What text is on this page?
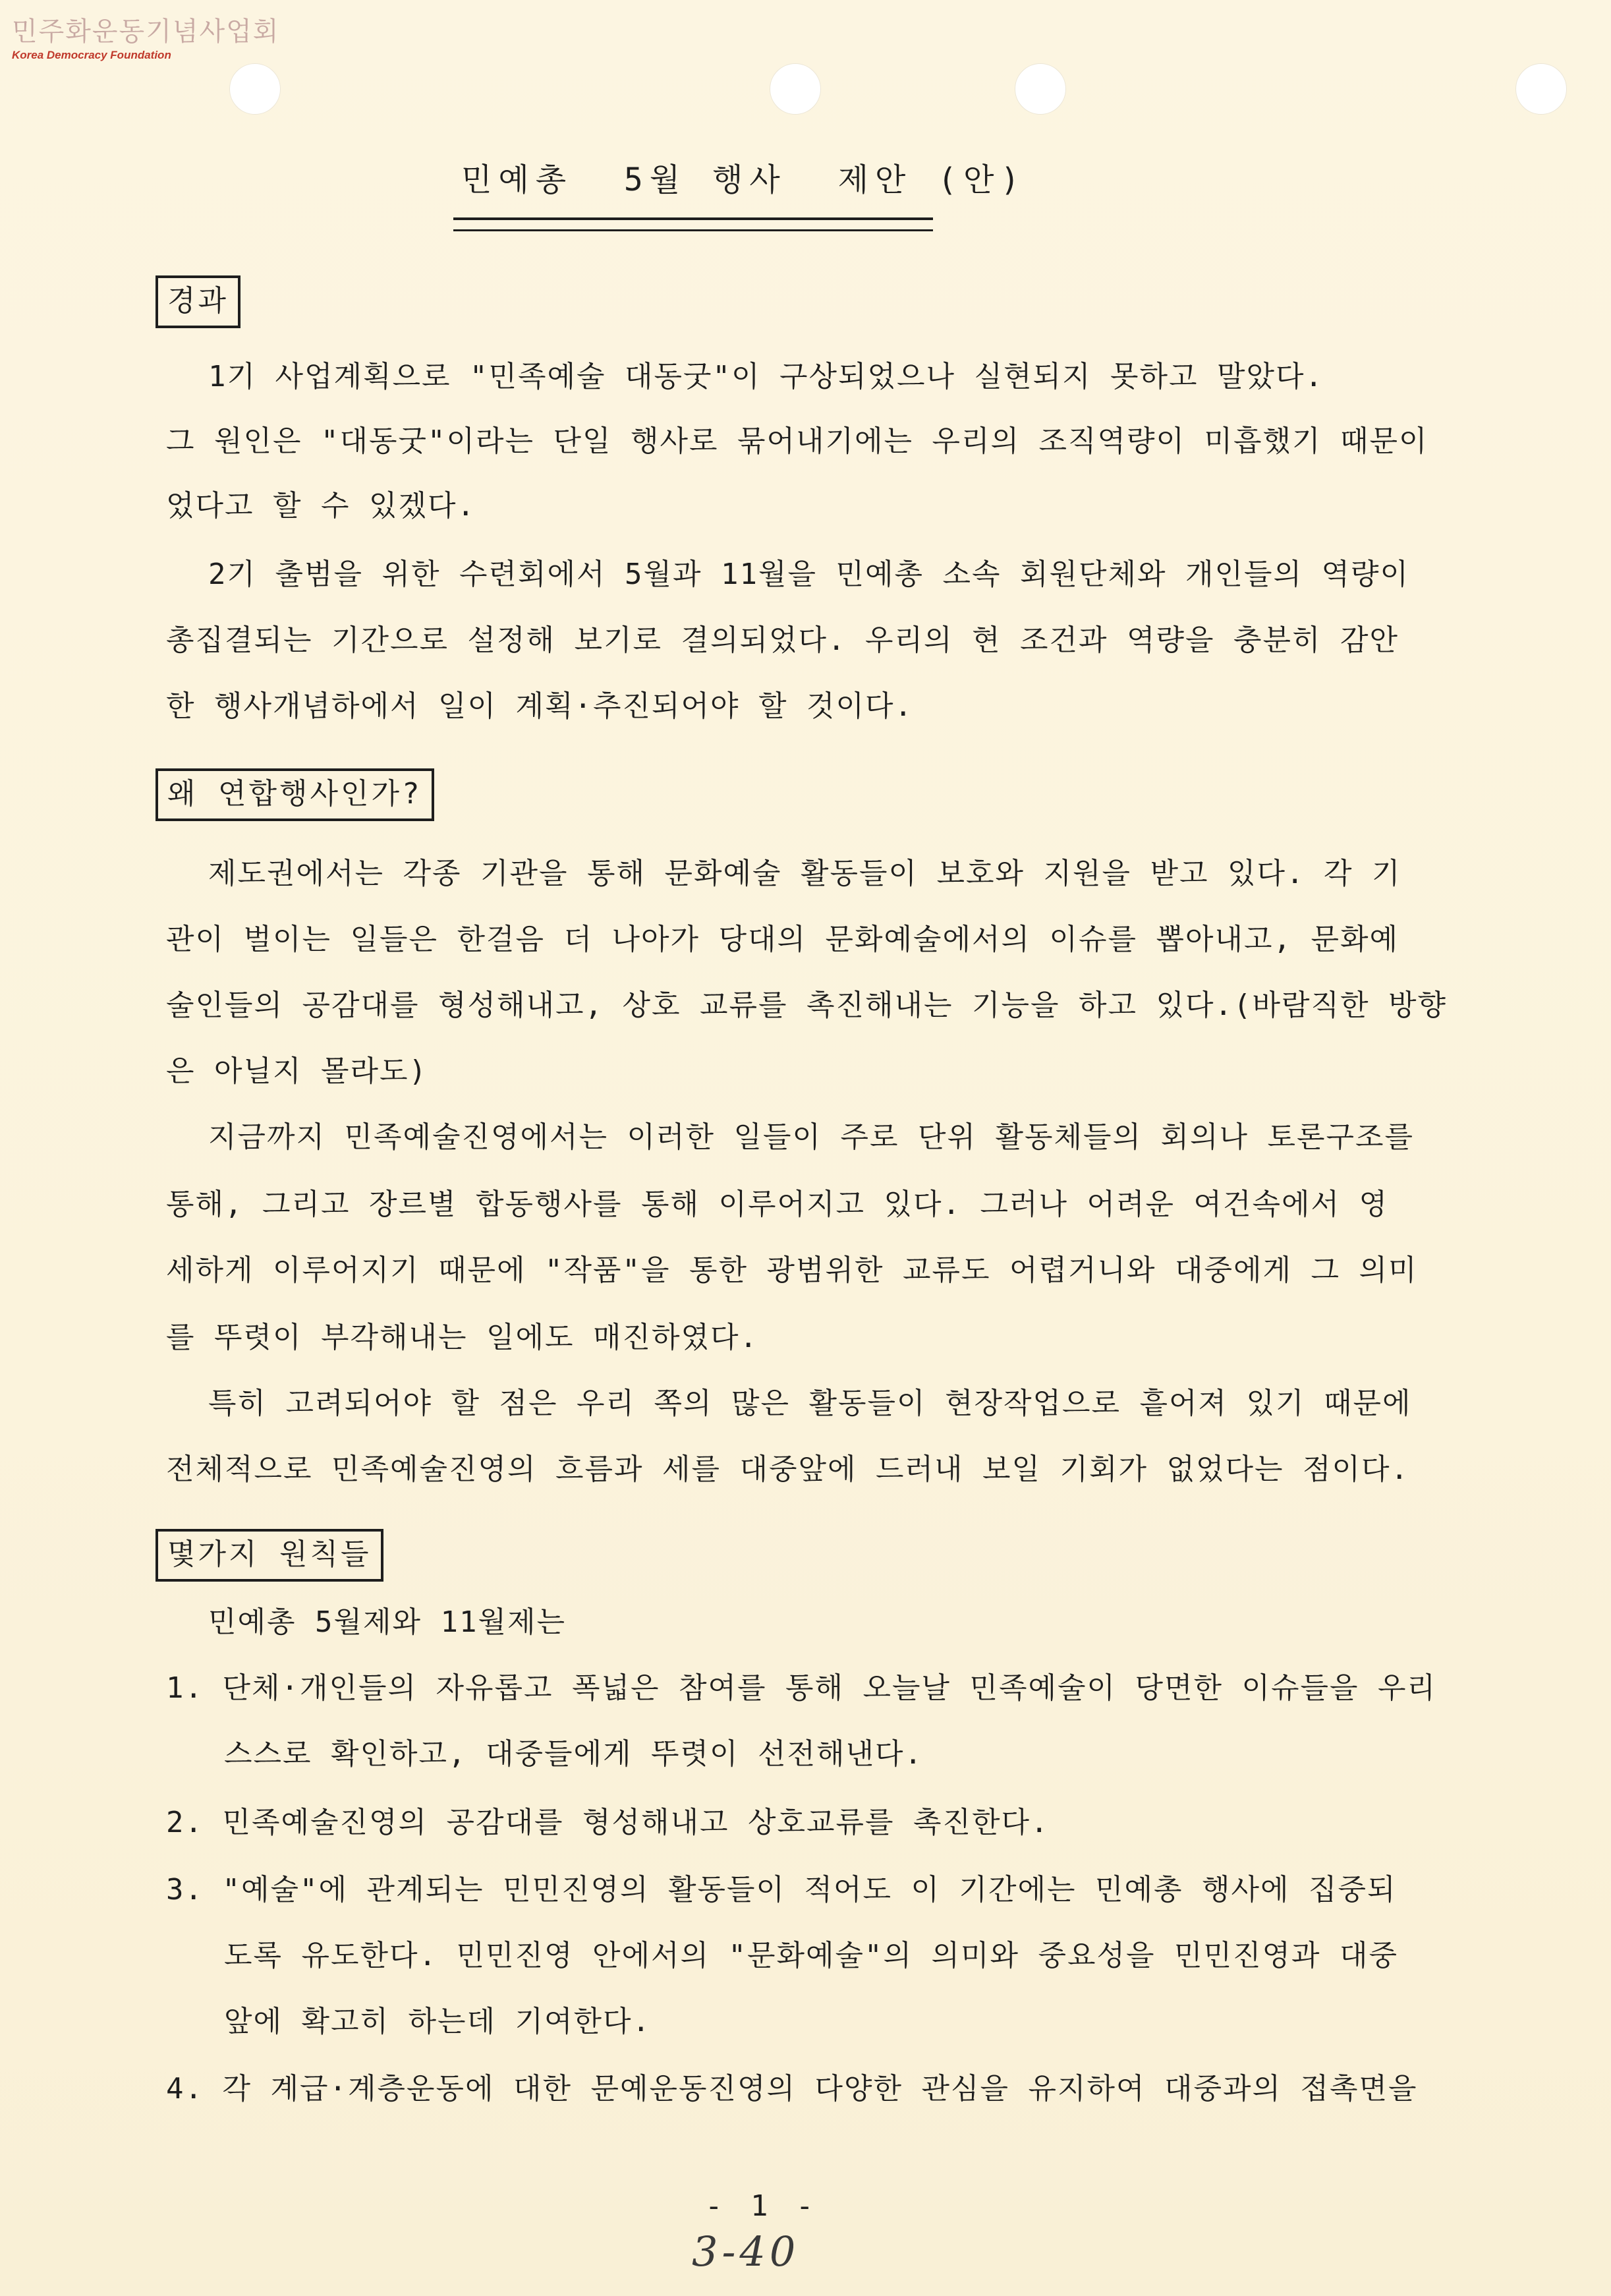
민주화운동기념사업회
Korea Democracy Foundation
민예총  5월 행사  제안 (안)
경과
1기 사업계획으로 "민족예술 대동굿"이 구상되었으나 실현되지 못하고 말았다.
그 원인은 "대동굿"이라는 단일 행사로 묶어내기에는 우리의 조직역량이 미흡했기 때문이
었다고 할 수 있겠다.
2기 출범을 위한 수련회에서 5월과 11월을 민예총 소속 회원단체와 개인들의 역량이
총집결되는 기간으로 설정해 보기로 결의되었다. 우리의 현 조건과 역량을 충분히 감안
한 행사개념하에서 일이 계획·추진되어야 할 것이다.
왜 연합행사인가?
제도권에서는 각종 기관을 통해 문화예술 활동들이 보호와 지원을 받고 있다. 각 기
관이 벌이는 일들은 한걸음 더 나아가 당대의 문화예술에서의 이슈를 뽑아내고, 문화예
술인들의 공감대를 형성해내고, 상호 교류를 촉진해내는 기능을 하고 있다.(바람직한 방향
은 아닐지 몰라도)
지금까지 민족예술진영에서는 이러한 일들이 주로 단위 활동체들의 회의나 토론구조를
통해, 그리고 장르별 합동행사를 통해 이루어지고 있다. 그러나 어려운 여건속에서 영
세하게 이루어지기 때문에 "작품"을 통한 광범위한 교류도 어렵거니와 대중에게 그 의미
를 뚜렷이 부각해내는 일에도 매진하였다.
특히 고려되어야 할 점은 우리 쪽의 많은 활동들이 현장작업으로 흩어져 있기 때문에
전체적으로 민족예술진영의 흐름과 세를 대중앞에 드러내 보일 기회가 없었다는 점이다.
몇가지 원칙들
민예총 5월제와 11월제는
1. 단체·개인들의 자유롭고 폭넓은 참여를 통해 오늘날 민족예술이 당면한 이슈들을 우리
스스로 확인하고, 대중들에게 뚜렷이 선전해낸다.
2. 민족예술진영의 공감대를 형성해내고 상호교류를 촉진한다.
3. "예술"에 관계되는 민민진영의 활동들이 적어도 이 기간에는 민예총 행사에 집중되
도록 유도한다. 민민진영 안에서의 "문화예술"의 의미와 중요성을 민민진영과 대중
앞에 확고히 하는데 기여한다.
4. 각 계급·계층운동에 대한 문예운동진영의 다양한 관심을 유지하여 대중과의 접촉면을
- 1 -
3-40
